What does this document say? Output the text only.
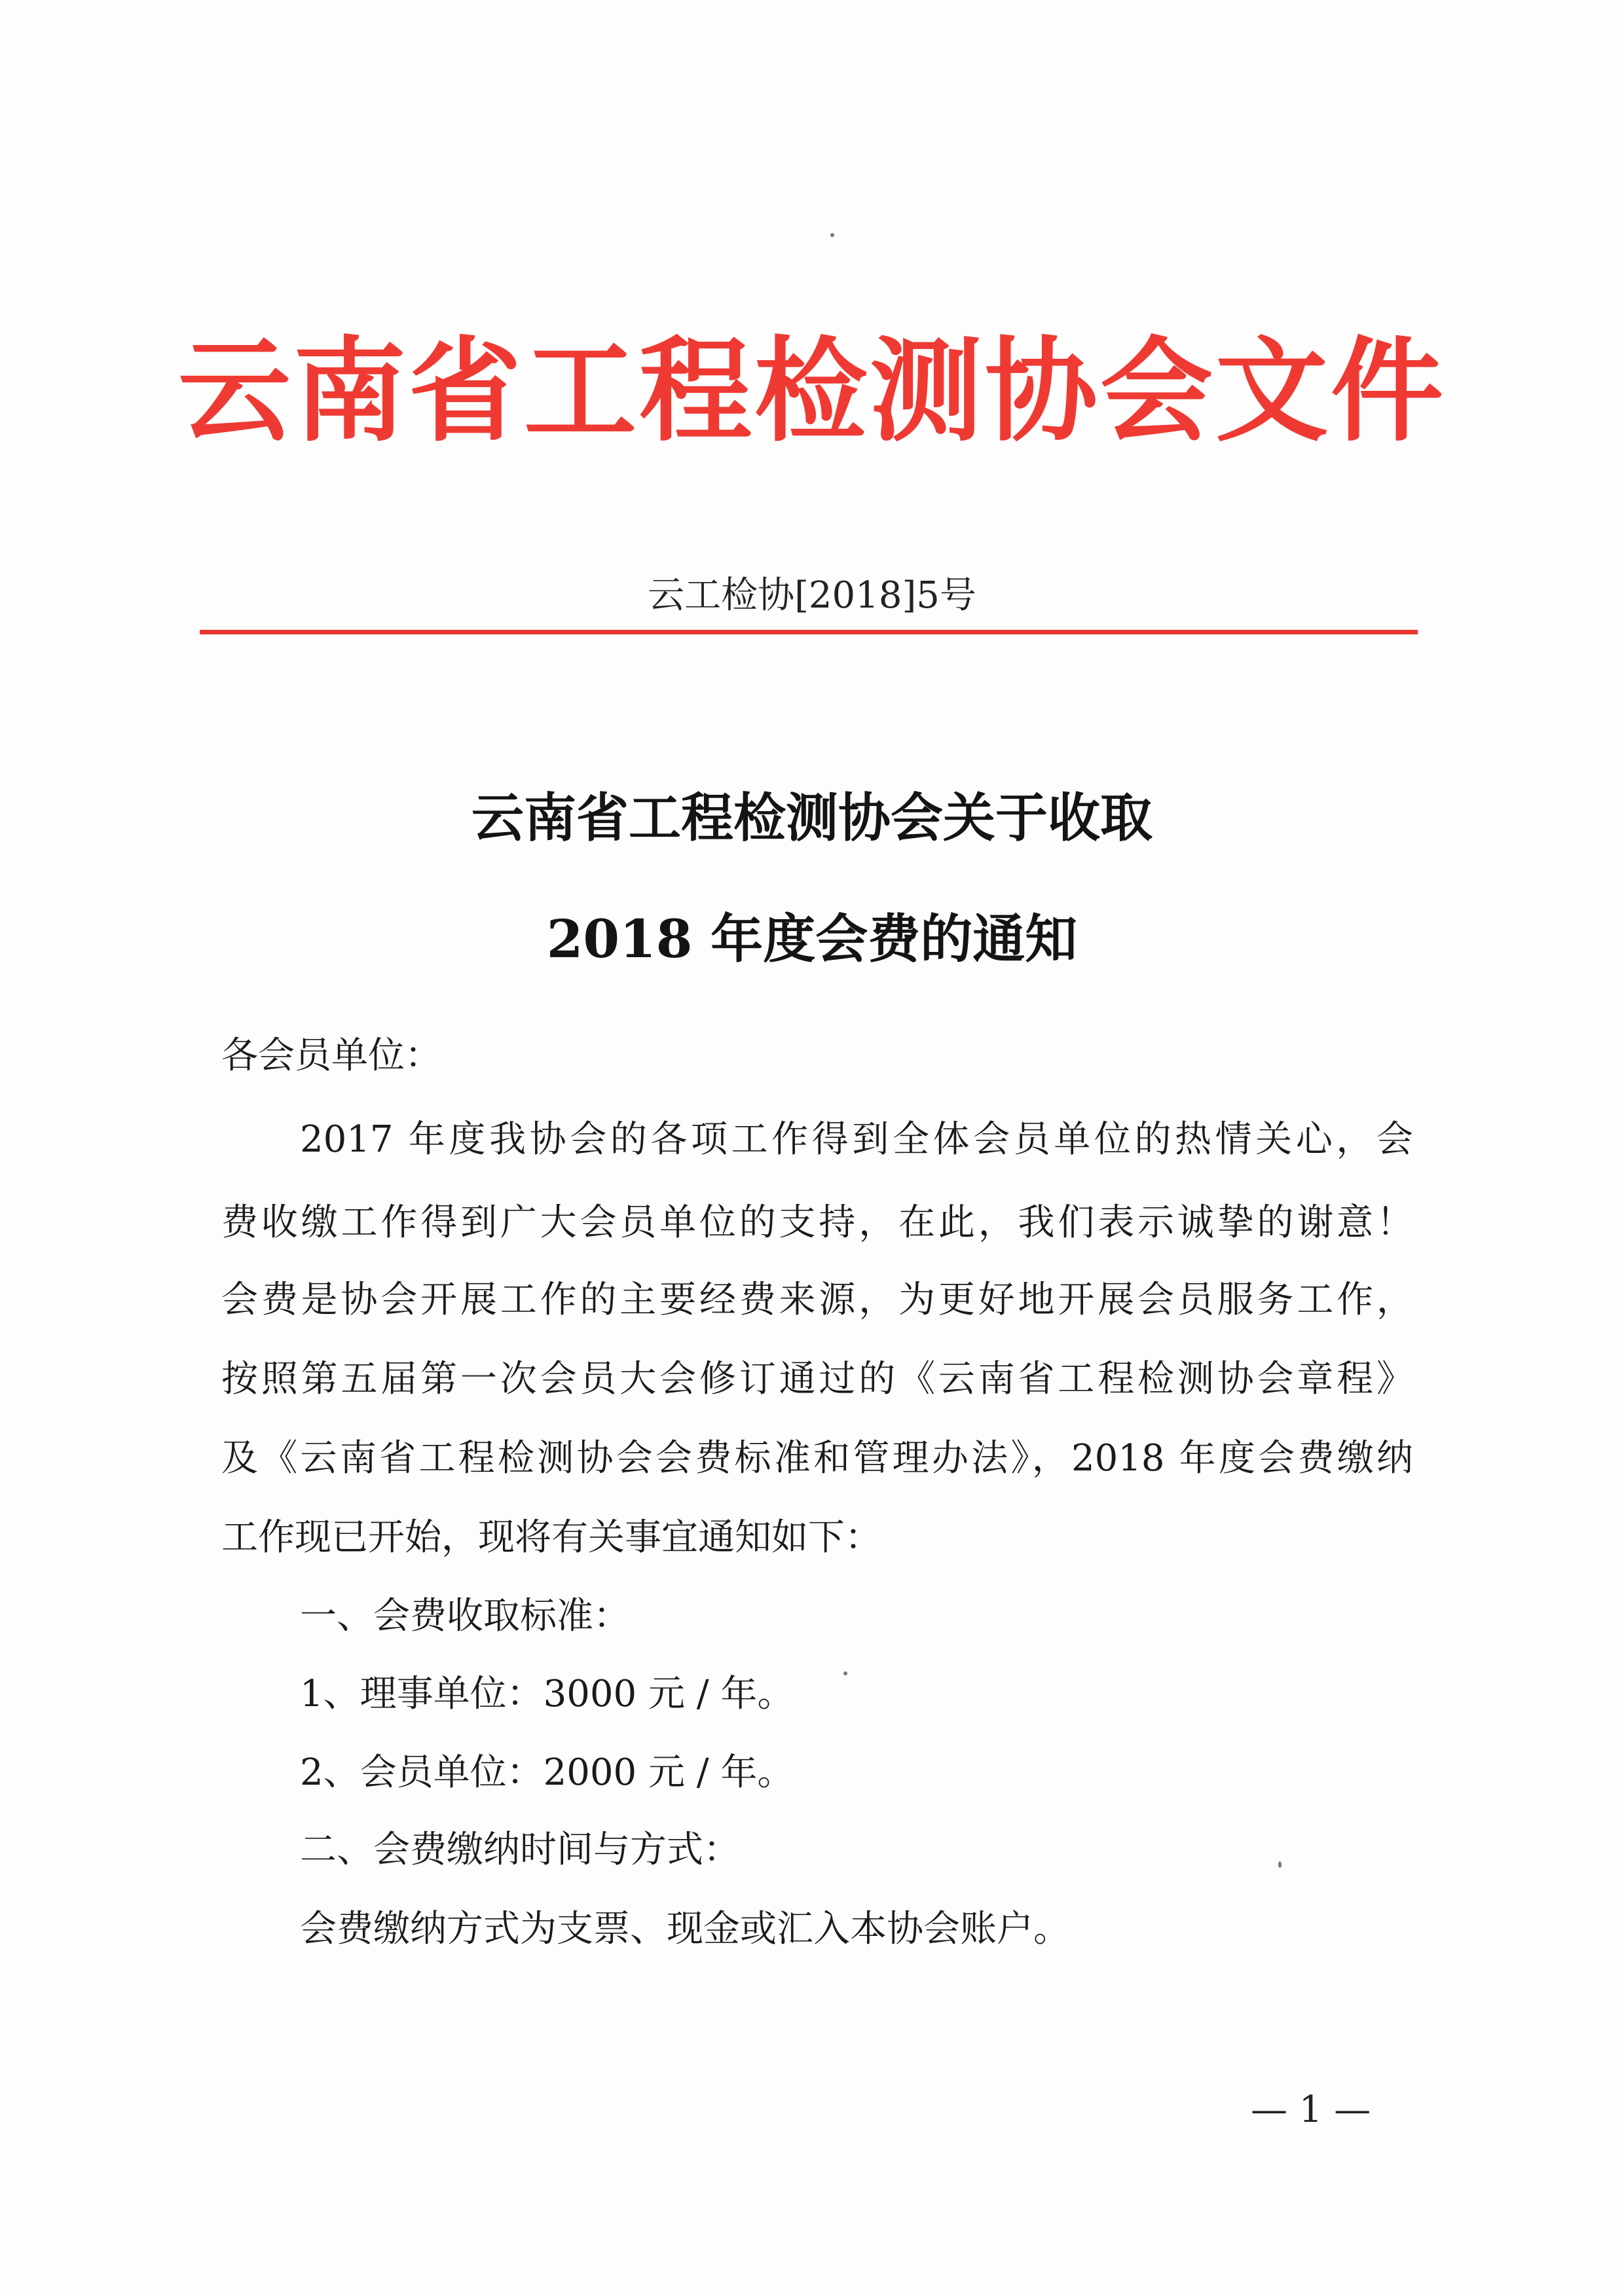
云南省工程检测协会文件
云工检协[2018]5号
云南省工程检测协会关于收取
2018 年度会费的通知
各会员单位：
2017 年度我协会的各项工作得到全体会员单位的热情关心，会
费收缴工作得到广大会员单位的支持，在此，我们表示诚挚的谢意！
会费是协会开展工作的主要经费来源，为更好地开展会员服务工作，
按照第五届第一次会员大会修订通过的《云南省工程检测协会章程》
及《云南省工程检测协会会费标准和管理办法》，2018 年度会费缴纳
工作现已开始，现将有关事宜通知如下：
一、会费收取标准：
1、理事单位：3000 元 / 年。
2、会员单位：2000 元 / 年。
二、会费缴纳时间与方式：
会费缴纳方式为支票、现金或汇入本协会账户。
— 1 —
